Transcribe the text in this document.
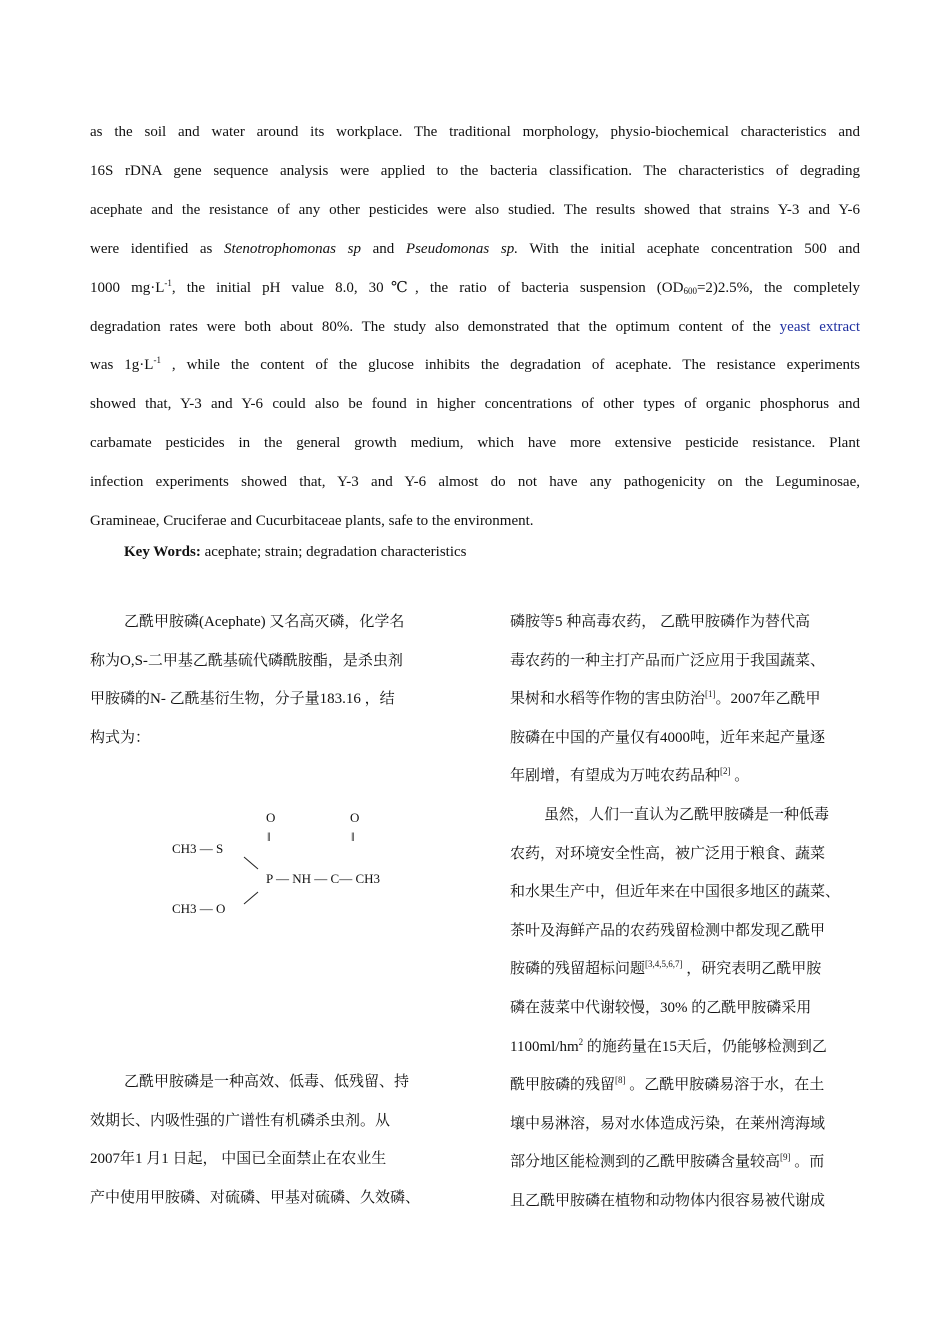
as the soil and water around its workplace. The traditional morphology, physio-biochemical characteristics and

16S rDNA gene sequence analysis were applied to the bacteria classification. The characteristics of degrading

acephate and the resistance of any other pesticides were also studied. The results showed that strains Y-3 and Y-6

were identified as Stenotrophomonas sp and Pseudomonas sp. With the initial acephate concentration 500 and

1000 $mg\cdot L^{-1}$, the initial pH value 8.0, 30℃, the ratio of bacteria suspension $(OD_{600}=2)2.5\%$, the completely

degradation rates were both about 80%. The study also demonstrated that the optimum content of the yeast extract

was $1g\cdot L^{-1}$ , while the content of the glucose inhibits the degradation of acephate. The resistance experiments

showed that, Y-3 and Y-6 could also be found in higher concentrations of other types of organic phosphorus and

carbamate pesticides in the general growth medium, which have more extensive pesticide resistance. Plant

infection experiments showed that, Y-3 and Y-6 almost do not have any pathogenicity on the Leguminosae,

Gramineae, Cruciferae and Cucurbitaceae plants, safe to the environment.

Key Words: acephate; strain; degradation characteristics

乙酰甲胺磷(Acephate) 又名高灭磷，化学名

称为O,S-二甲基乙酰基硫代磷酰胺酯，是杀虫剂

甲胺磷的N- 乙酰基衍生物，分子量183.16 ，结

构式为：

O	O
‖	‖
CH3 — S
P — NH — C— CH3
CH3 — O

乙酰甲胺磷是一种高效、低毒、低残留、持

效期长、内吸性强的广谱性有机磷杀虫剂。从

2007年1 月1 日起， 中国已全面禁止在农业生

产中使用甲胺磷、对硫磷、甲基对硫磷、久效磷、

磷胺等5 种高毒农药， 乙酰甲胺磷作为替代高

毒农药的一种主打产品而广泛应用于我国蔬菜、

果树和水稻等作物的害虫防治[1]。2007年乙酰甲

胺磷在中国的产量仅有4000吨，近年来起产量逐

年剧增，有望成为万吨农药品种[2] 。

虽然，人们一直认为乙酰甲胺磷是一种低毒

农药，对环境安全性高，被广泛用于粮食、蔬菜

和水果生产中，但近年来在中国很多地区的蔬菜、

茶叶及海鲜产品的农药残留检测中都发现乙酰甲

胺磷的残留超标问题[3,4,5,6,7] ，研究表明乙酰甲胺

磷在菠菜中代谢较慢，30% 的乙酰甲胺磷采用

$1100ml/hm^2$ 的施药量在15天后，仍能够检测到乙

酰甲胺磷的残留[8] 。乙酰甲胺磷易溶于水，在土

壤中易淋溶，易对水体造成污染，在莱州湾海域

部分地区能检测到的乙酰甲胺磷含量较高[9] 。而

且乙酰甲胺磷在植物和动物体内很容易被代谢成
